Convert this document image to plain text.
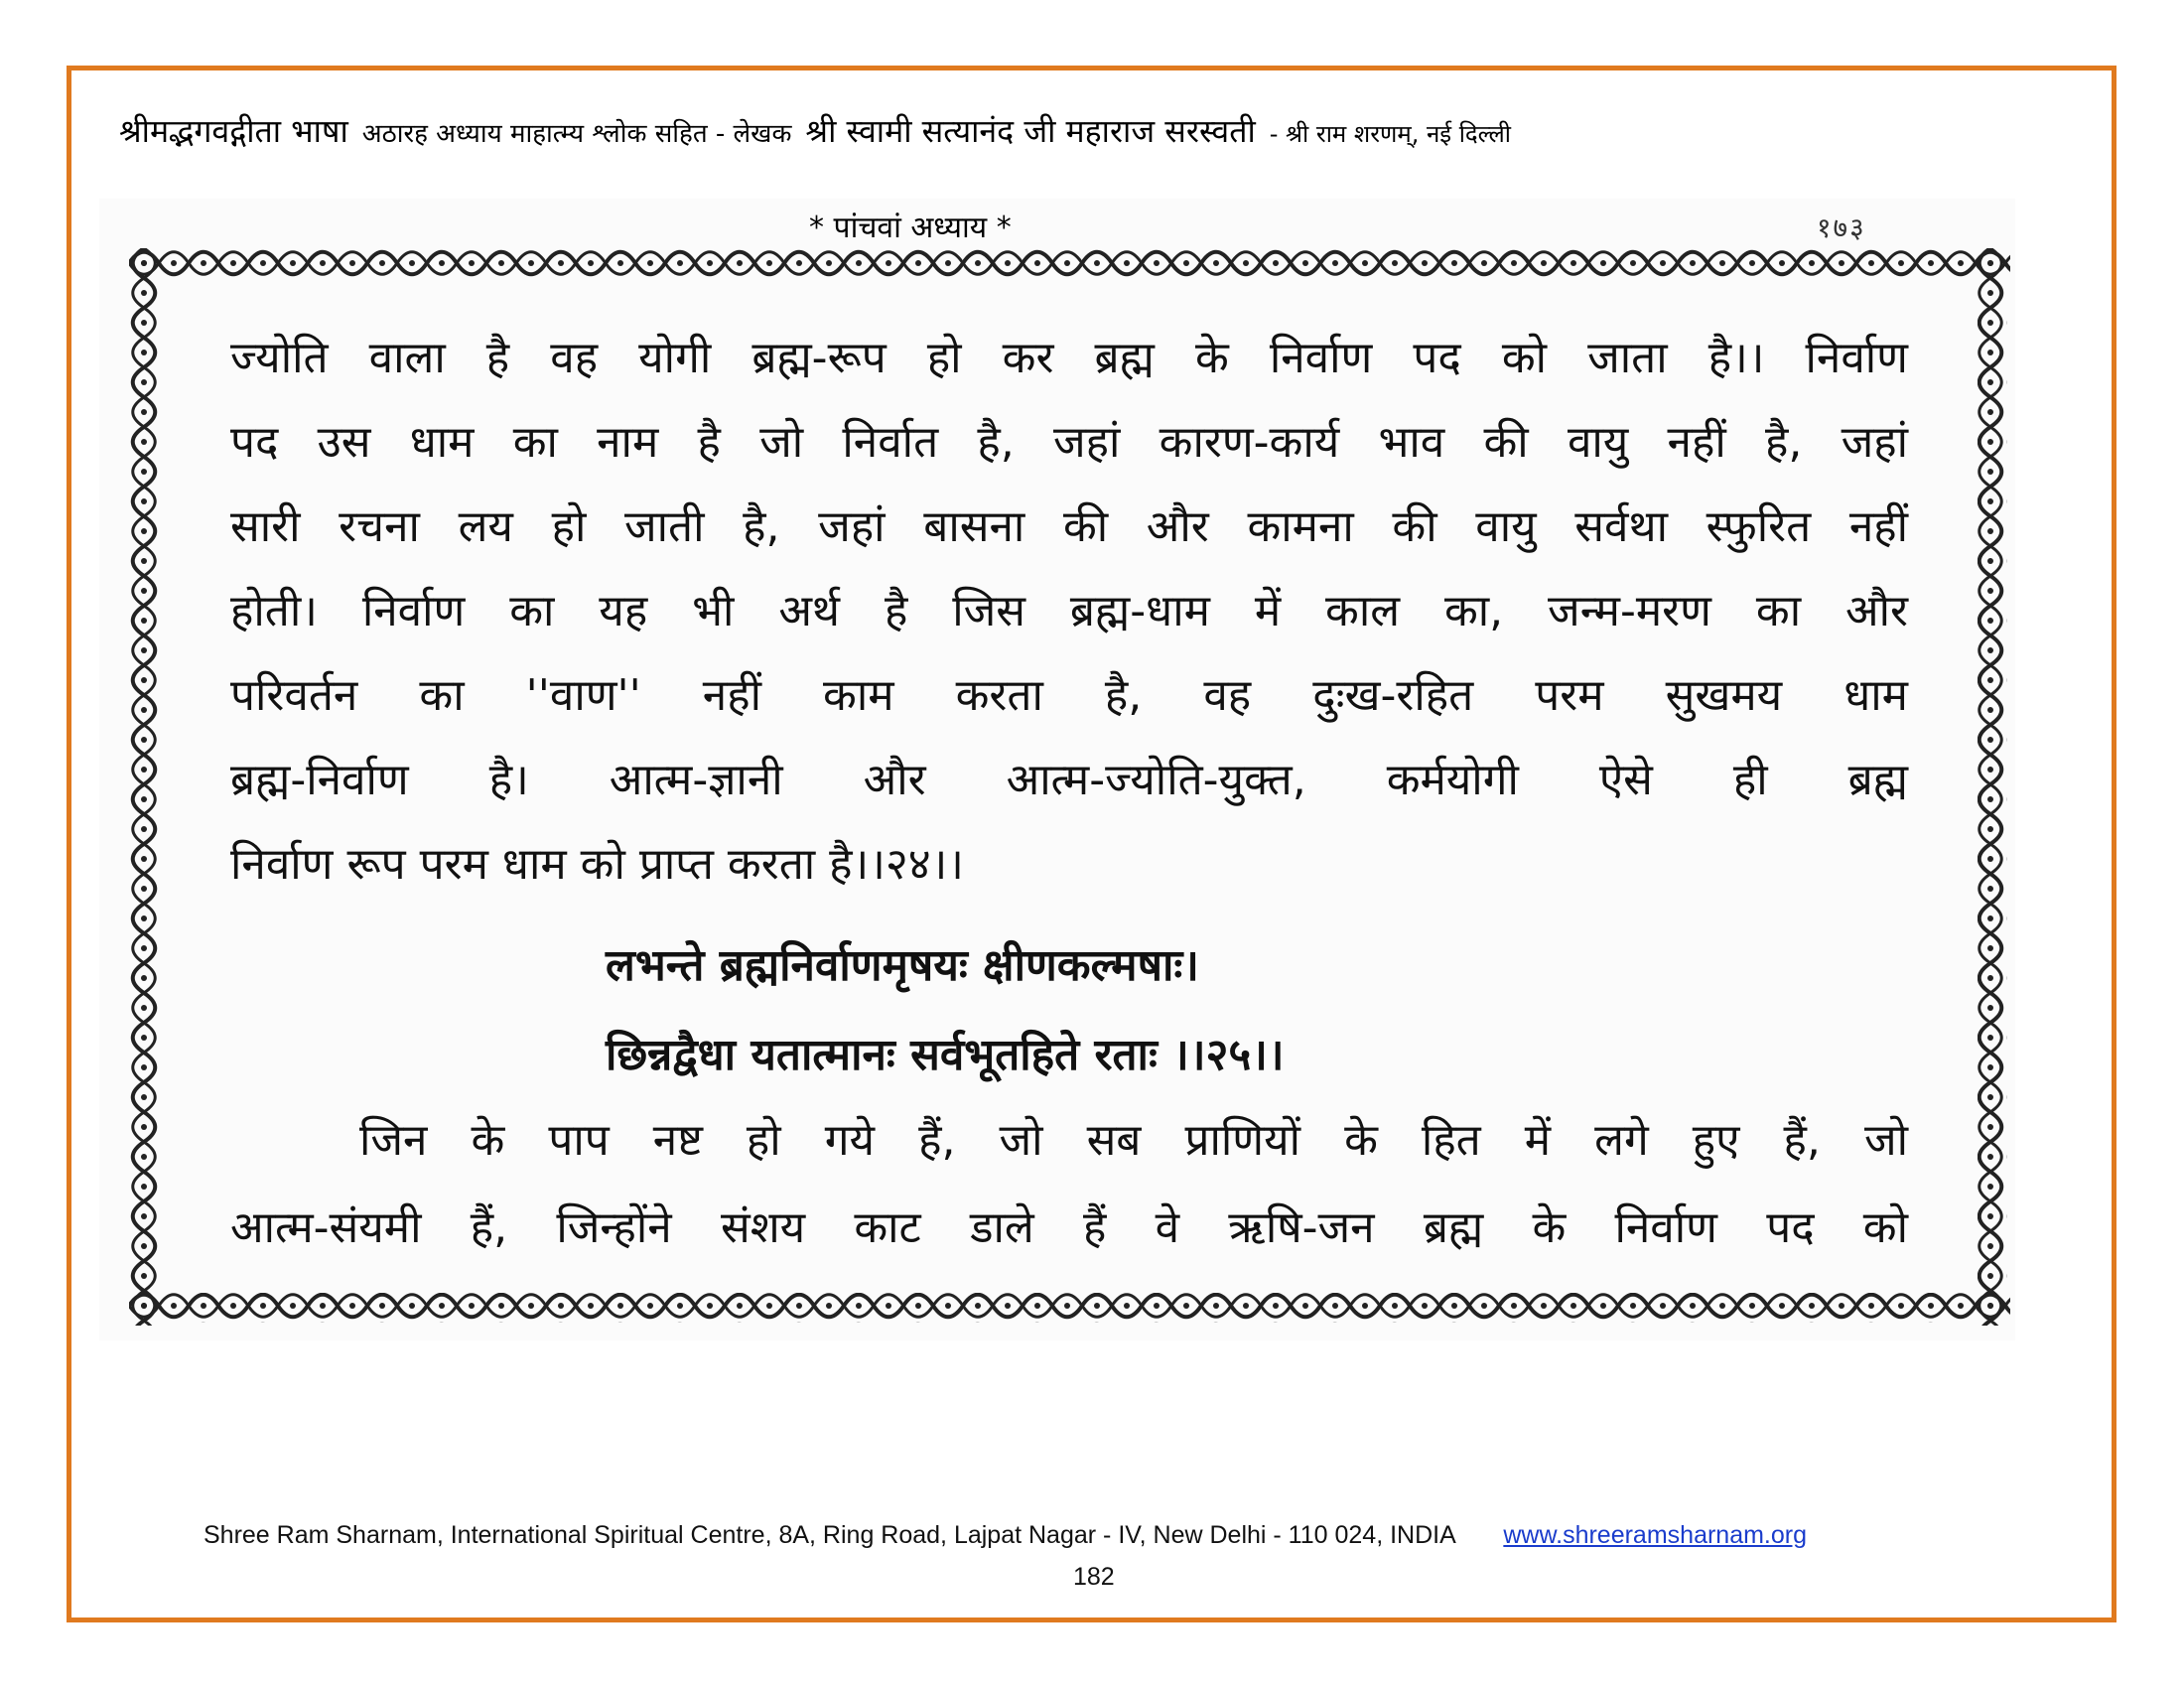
श्रीमद्भगवद्गीता भाषा अठारह अध्याय माहात्म्य श्लोक सहित - लेखक श्री स्वामी सत्यानंद जी महाराज सरस्वती - श्री राम शरणम्, नई दिल्ली
* पांचवां अध्याय *	१७३
ज्योति वाला है वह योगी ब्रह्म-रूप हो कर ब्रह्म के निर्वाण पद को जाता है।। निर्वाण
पद उस धाम का नाम है जो निर्वात है, जहां कारण-कार्य भाव की वायु नहीं है, जहां
सारी रचना लय हो जाती है, जहां बासना की और कामना की वायु सर्वथा स्फुरित नहीं
होती। निर्वाण का यह भी अर्थ है जिस ब्रह्म-धाम में काल का, जन्म-मरण का और
परिवर्तन का ''वाण'' नहीं काम करता है, वह दुःख-रहित परम सुखमय धाम
ब्रह्म-निर्वाण है। आत्म-ज्ञानी और आत्म-ज्योति-युक्त, कर्मयोगी ऐसे ही ब्रह्म
निर्वाण रूप परम धाम को प्राप्त करता है।।२४।।
लभन्ते ब्रह्मनिर्वाणमृषयः क्षीणकल्मषाः।
छिन्नद्वैधा यतात्मानः सर्वभूतहिते रताः ।।२५।।
जिन के पाप नष्ट हो गये हैं, जो सब प्राणियों के हित में लगे हुए हैं, जो
आत्म-संयमी हैं, जिन्होंने संशय काट डाले हैं वे ऋषि-जन ब्रह्म के निर्वाण पद को
Shree Ram Sharnam, International Spiritual Centre, 8A, Ring Road, Lajpat Nagar - IV, New Delhi - 110 024, INDIA www.shreeramsharnam.org
182
